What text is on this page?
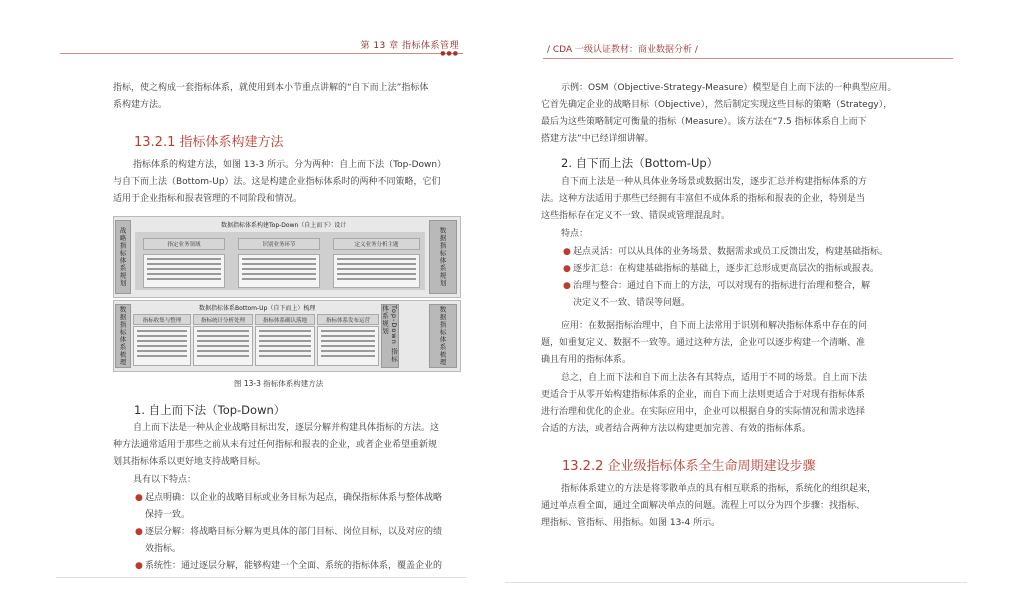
第 13 章 指标体系管理
●●●
指标，使之构成一套指标体系，就使用到本小节重点讲解的“自下而上法”指标体
系构建方法。
13.2.1 指标体系构建方法
指标体系的构建方法，如图 13-3 所示。分为两种：自上而下法（Top-Down）
与自下而上法（Bottom-Up）法。这是构建企业指标体系时的两种不同策略，它们
适用于企业指标和报表管理的不同阶段和情况。
战略指标体系规划	数据指标体系规划
数据指标体系构建Top-Down（自上而下）设计
指定业务领域	识别业务环节	定义业务分析主题
数据指标体系梳理	Top-Down 指标体系规划	数据指标体系梳理
数据指标体系Bottom-Up（自下而上）梳理
指标收集与整理	指标统计分析处理	指标体系确认落地	指标体系发布运营
图 13-3 指标体系构建方法
1. 自上而下法（Top-Down）
自上而下法是一种从企业战略目标出发，逐层分解并构建具体指标的方法。这
种方法通常适用于那些之前从未有过任何指标和报表的企业，或者企业希望重新规
划其指标体系以更好地支持战略目标。
具有以下特点：
● 起点明确：以企业的战略目标或业务目标为起点，确保指标体系与整体战略
保持一致。
● 逐层分解：将战略目标分解为更具体的部门目标、岗位目标，以及对应的绩
效指标。
● 系统性：通过逐层分解，能够构建一个全面、系统的指标体系，覆盖企业的
/ CDA 一级认证教材：商业数据分析 /
示例：OSM（Objective-Strategy-Measure）模型是自上而下法的一种典型应用。
它首先确定企业的战略目标（Objective），然后制定实现这些目标的策略（Strategy），
最后为这些策略制定可衡量的指标（Measure）。该方法在“7.5 指标体系自上而下
搭建方法”中已经详细讲解。
2. 自下而上法（Bottom-Up）
自下而上法是一种从具体业务场景或数据出发，逐步汇总并构建指标体系的方
法。这种方法适用于那些已经拥有丰富但不成体系的指标和报表的企业，特别是当
这些指标存在定义不一致、错误或管理混乱时。
特点：
● 起点灵活：可以从具体的业务场景、数据需求或员工反馈出发，构建基础指标。
● 逐步汇总：在构建基础指标的基础上，逐步汇总形成更高层次的指标或报表。
● 治理与整合：通过自下而上的方法，可以对现有的指标进行治理和整合，解
决定义不一致、错误等问题。
应用：在数据指标治理中，自下而上法常用于识别和解决指标体系中存在的问
题，如重复定义、数据不一致等。通过这种方法，企业可以逐步构建一个清晰、准
确且有用的指标体系。
总之，自上而下法和自下而上法各有其特点，适用于不同的场景。自上而下法
更适合于从零开始构建指标体系的企业，而自下而上法则更适合于对现有指标体系
进行治理和优化的企业。在实际应用中，企业可以根据自身的实际情况和需求选择
合适的方法，或者结合两种方法以构建更加完善、有效的指标体系。
13.2.2 企业级指标体系全生命周期建设步骤
指标体系建立的方法是将零散单点的具有相互联系的指标，系统化的组织起来，
通过单点看全面，通过全面解决单点的问题。流程上可以分为四个步骤：找指标、
理指标、管指标、用指标。如图 13-4 所示。
